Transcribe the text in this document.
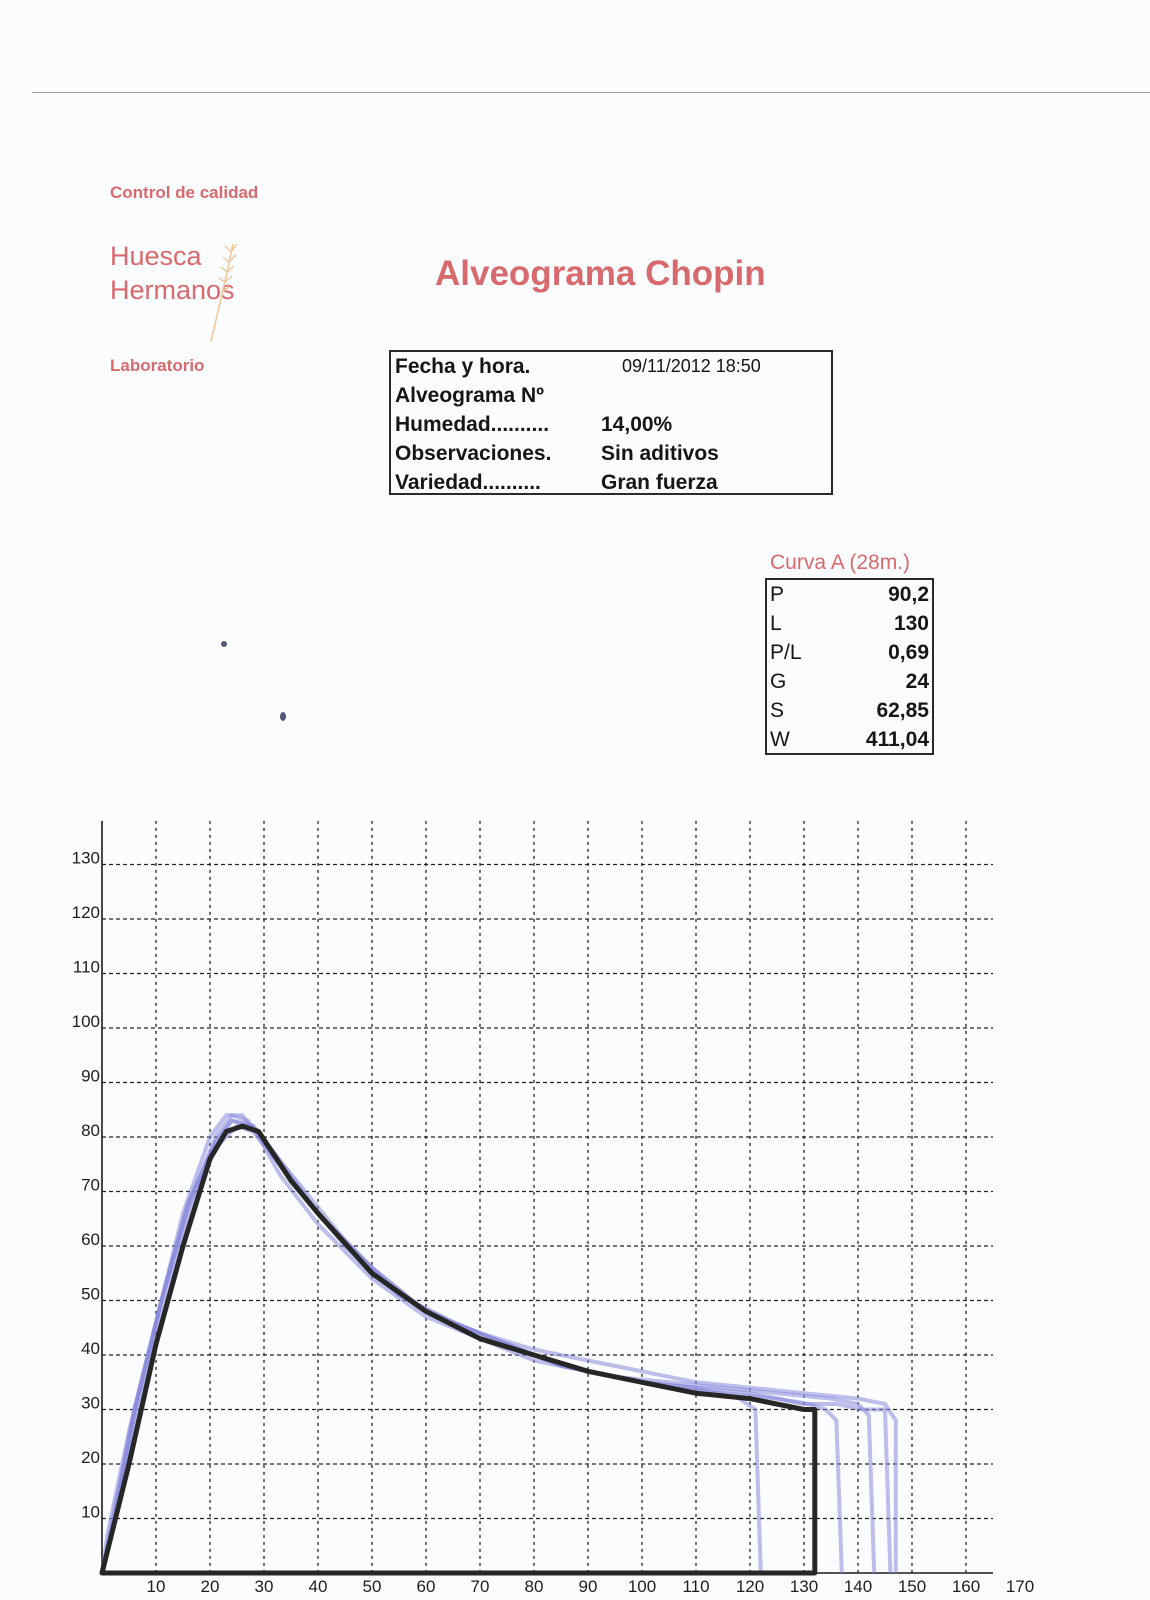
Control de calidad
Huesca
Hermanos
Laboratorio
Alveograma Chopin
Fecha y hora.	09/11/2012 18:50
Alveograma Nº
Humedad.......... 14,00%
Observaciones. Sin aditivos
Variedad..........	Gran fuerza
Curva A (28m.)
P	90,2
L	130
P/L	0,69
G	24
S	62,85
W	411,04
10
20
30
40
50
60
70
80
90
100
110
120
130
10 20 30 40 50 60 70 80 90 100 110 120 130 140 150 160 170
